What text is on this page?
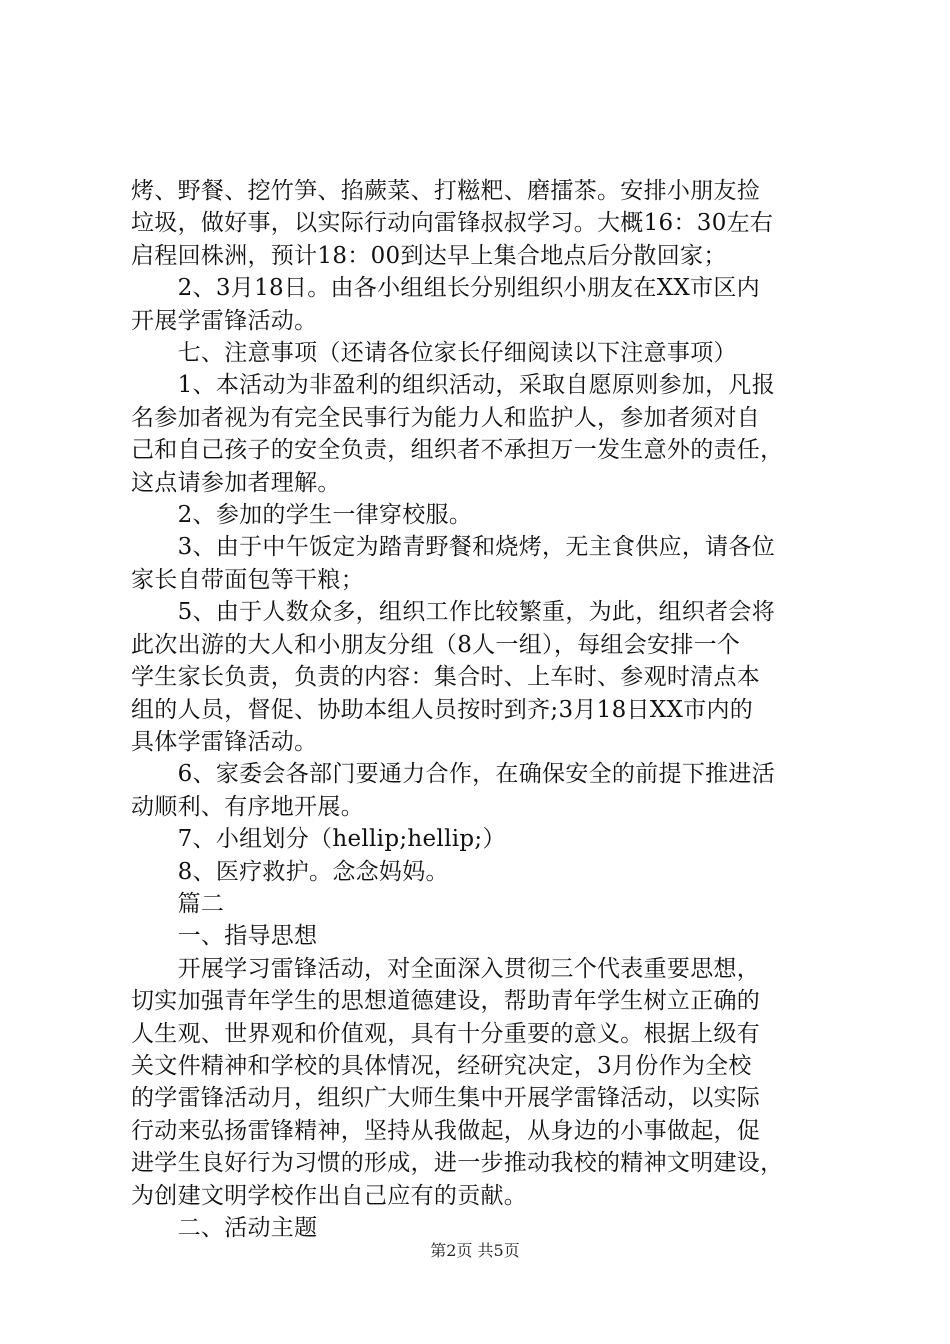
烤、野餐、挖竹笋、掐蕨菜、打糍粑、磨擂茶。安排小朋友捡
垃圾，做好事，以实际行动向雷锋叔叔学习。大概16：30左右
启程回株洲，预计18：00到达早上集合地点后分散回家；
　　2、3月18日。由各小组组长分别组织小朋友在XX市区内
开展学雷锋活动。
　　七、注意事项（还请各位家长仔细阅读以下注意事项）
　　1、本活动为非盈利的组织活动，采取自愿原则参加，凡报
名参加者视为有完全民事行为能力人和监护人，参加者须对自
己和自己孩子的安全负责，组织者不承担万一发生意外的责任，
这点请参加者理解。
　　2、参加的学生一律穿校服。
　　3、由于中午饭定为踏青野餐和烧烤，无主食供应，请各位
家长自带面包等干粮；
　　5、由于人数众多，组织工作比较繁重，为此，组织者会将
此次出游的大人和小朋友分组（8人一组），每组会安排一个
学生家长负责，负责的内容：集合时、上车时、参观时清点本
组的人员，督促、协助本组人员按时到齐;3月18日XX市内的
具体学雷锋活动。
　　6、家委会各部门要通力合作，在确保安全的前提下推进活
动顺利、有序地开展。
　　7、小组划分（hellip;hellip;）
　　8、医疗救护。念念妈妈。
　　篇二
　　一、指导思想
　　开展学习雷锋活动，对全面深入贯彻三个代表重要思想，
切实加强青年学生的思想道德建设，帮助青年学生树立正确的
人生观、世界观和价值观，具有十分重要的意义。根据上级有
关文件精神和学校的具体情况，经研究决定，3月份作为全校
的学雷锋活动月，组织广大师生集中开展学雷锋活动，以实际
行动来弘扬雷锋精神，坚持从我做起，从身边的小事做起，促
进学生良好行为习惯的形成，进一步推动我校的精神文明建设，
为创建文明学校作出自己应有的贡献。
　　二、活动主题
第2页 共5页
